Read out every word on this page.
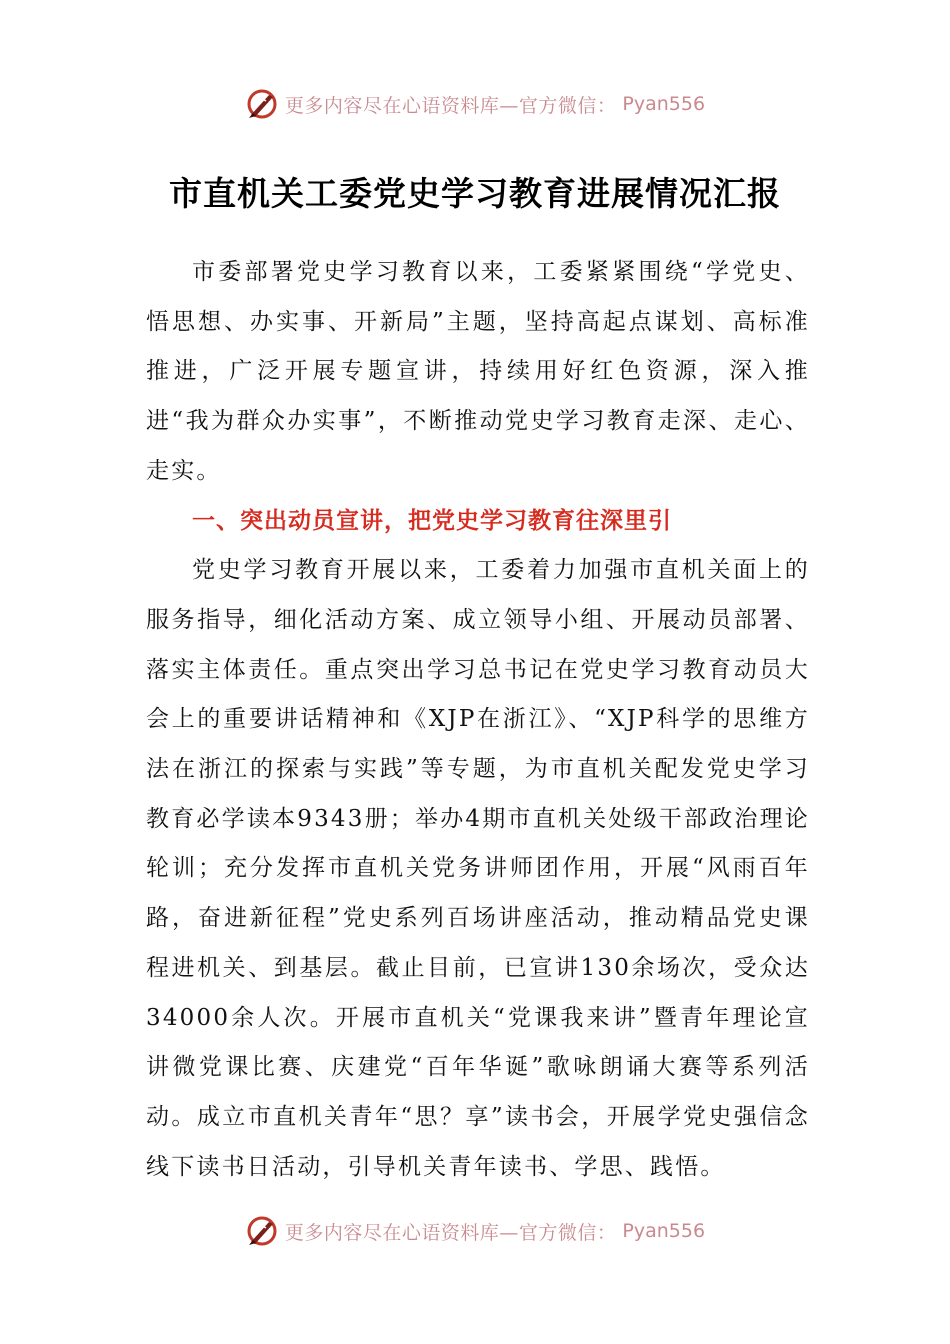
更多内容尽在心语资料库—官方微信： Pyan556
市直机关工委党史学习教育进展情况汇报

市委部署党史学习教育以来，工委紧紧围绕“学党史、悟思想、办实事、开新局”主题，坚持高起点谋划、高标准推进，广泛开展专题宣讲，持续用好红色资源，深入推进“我为群众办实事”，不断推动党史学习教育走深、走心、走实。

一、突出动员宣讲，把党史学习教育往深里引

党史学习教育开展以来，工委着力加强市直机关面上的服务指导，细化活动方案、成立领导小组、开展动员部署、落实主体责任。重点突出学习总书记在党史学习教育动员大会上的重要讲话精神和《XJP在浙江》、“XJP科学的思维方法在浙江的探索与实践”等专题，为市直机关配发党史学习教育必学读本9343册；举办4期市直机关处级干部政治理论轮训；充分发挥市直机关党务讲师团作用，开展“风雨百年路，奋进新征程”党史系列百场讲座活动，推动精品党史课程进机关、到基层。截止目前，已宣讲130余场次，受众达34000余人次。开展市直机关“党课我来讲”暨青年理论宣讲微党课比赛、庆建党“百年华诞”歌咏朗诵大赛等系列活动。成立市直机关青年“思？享”读书会，开展学党史强信念线下读书日活动，引导机关青年读书、学思、践悟。

更多内容尽在心语资料库—官方微信： Pyan556
